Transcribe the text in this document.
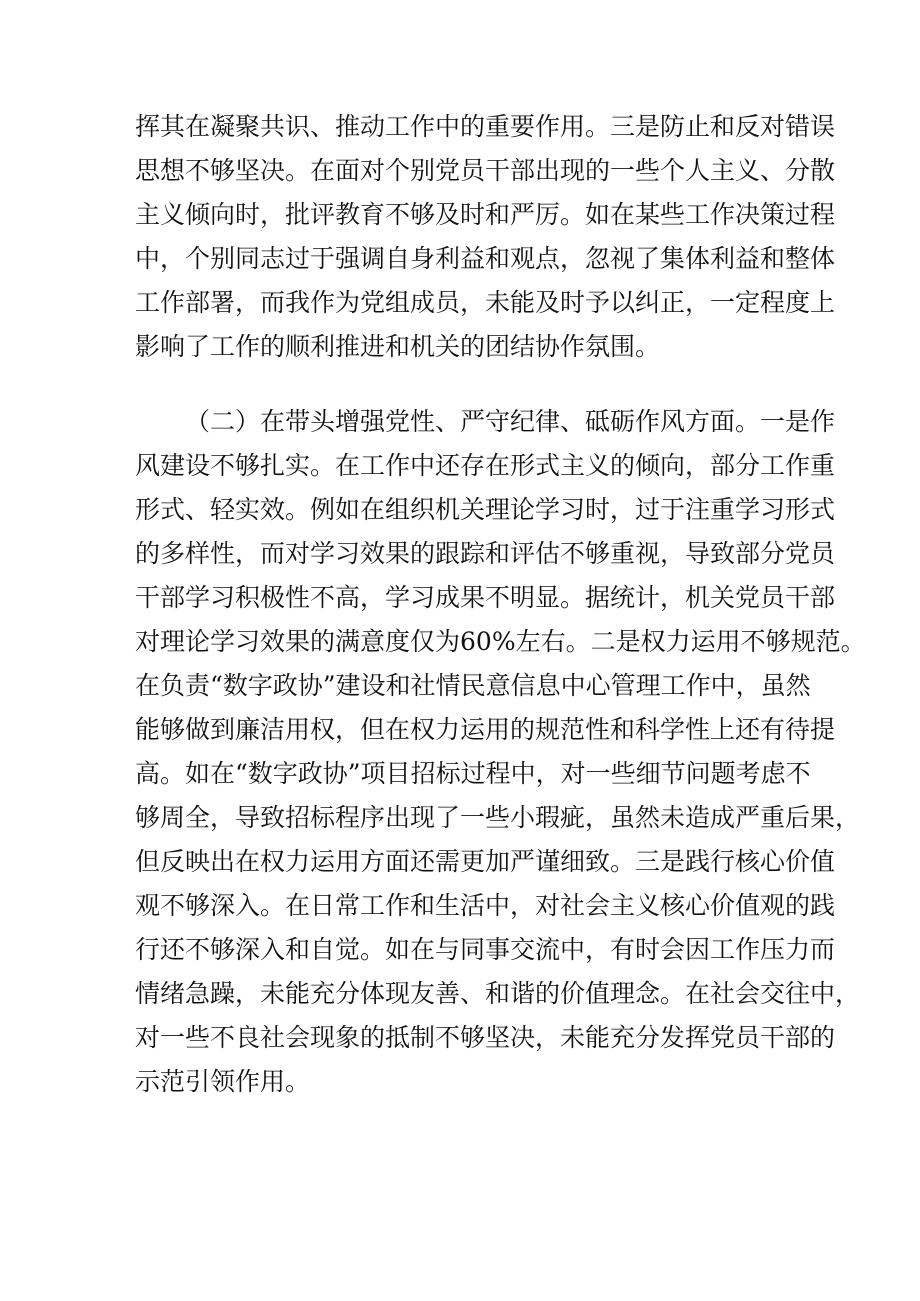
挥其在凝聚共识、推动工作中的重要作用。三是防止和反对错误

思想不够坚决。在面对个别党员干部出现的一些个人主义、分散

主义倾向时，批评教育不够及时和严厉。如在某些工作决策过程

中，个别同志过于强调自身利益和观点，忽视了集体利益和整体

工作部署，而我作为党组成员，未能及时予以纠正，一定程度上

影响了工作的顺利推进和机关的团结协作氛围。

（二）在带头增强党性、严守纪律、砥砺作风方面。一是作

风建设不够扎实。在工作中还存在形式主义的倾向，部分工作重

形式、轻实效。例如在组织机关理论学习时，过于注重学习形式

的多样性，而对学习效果的跟踪和评估不够重视，导致部分党员

干部学习积极性不高，学习成果不明显。据统计，机关党员干部

对理论学习效果的满意度仅为60%左右。二是权力运用不够规范。

在负责“数字政协”建设和社情民意信息中心管理工作中，虽然

能够做到廉洁用权，但在权力运用的规范性和科学性上还有待提

高。如在“数字政协”项目招标过程中，对一些细节问题考虑不

够周全，导致招标程序出现了一些小瑕疵，虽然未造成严重后果，

但反映出在权力运用方面还需更加严谨细致。三是践行核心价值

观不够深入。在日常工作和生活中，对社会主义核心价值观的践

行还不够深入和自觉。如在与同事交流中，有时会因工作压力而

情绪急躁，未能充分体现友善、和谐的价值理念。在社会交往中，

对一些不良社会现象的抵制不够坚决，未能充分发挥党员干部的

示范引领作用。
